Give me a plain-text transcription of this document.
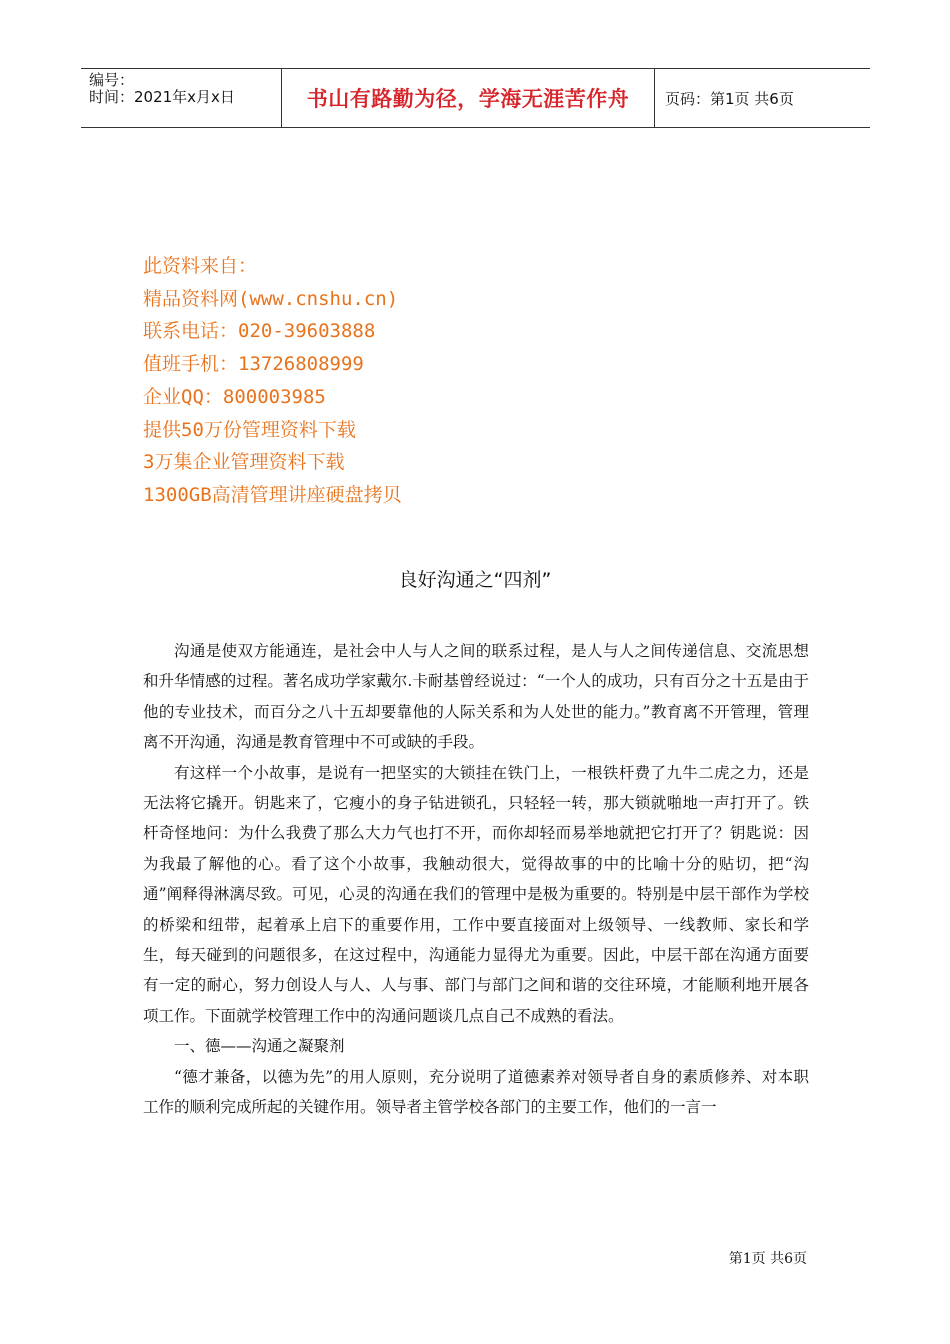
编号：
时间：2021年x月x日	书山有路勤为径，学海无涯苦作舟 页码：第1页 共6页
此资料来自：
精品资料网(www.cnshu.cn)
联系电话：020-39603888
值班手机：13726808999
企业QQ：800003985
提供50万份管理资料下载
3万集企业管理资料下载
1300GB高清管理讲座硬盘拷贝
良好沟通之“四剂”

沟通是使双方能通连，是社会中人与人之间的联系过程，是人与人之间传递信息、交流思想和升华情感的过程。著名成功学家戴尔.卡耐基曾经说过：“一个人的成功，只有百分之十五是由于他的专业技术，而百分之八十五却要靠他的人际关系和为人处世的能力。”教育离不开管理，管理离不开沟通，沟通是教育管理中不可或缺的手段。

有这样一个小故事，是说有一把坚实的大锁挂在铁门上，一根铁杆费了九牛二虎之力，还是无法将它撬开。钥匙来了，它瘦小的身子钻进锁孔，只轻轻一转，那大锁就啪地一声打开了。铁杆奇怪地问：为什么我费了那么大力气也打不开，而你却轻而易举地就把它打开了？钥匙说：因为我最了解他的心。看了这个小故事，我触动很大，觉得故事的中的比喻十分的贴切，把“沟通”阐释得淋漓尽致。可见，心灵的沟通在我们的管理中是极为重要的。特别是中层干部作为学校的桥梁和纽带，起着承上启下的重要作用，工作中要直接面对上级领导、一线教师、家长和学生，每天碰到的问题很多，在这过程中，沟通能力显得尤为重要。因此，中层干部在沟通方面要有一定的耐心，努力创设人与人、人与事、部门与部门之间和谐的交往环境，才能顺利地开展各项工作。下面就学校管理工作中的沟通问题谈几点自己不成熟的看法。

一、德——沟通之凝聚剂

“德才兼备，以德为先”的用人原则，充分说明了道德素养对领导者自身的素质修养、对本职工作的顺利完成所起的关键作用。领导者主管学校各部门的主要工作，他们的一言一

第1页 共6页
